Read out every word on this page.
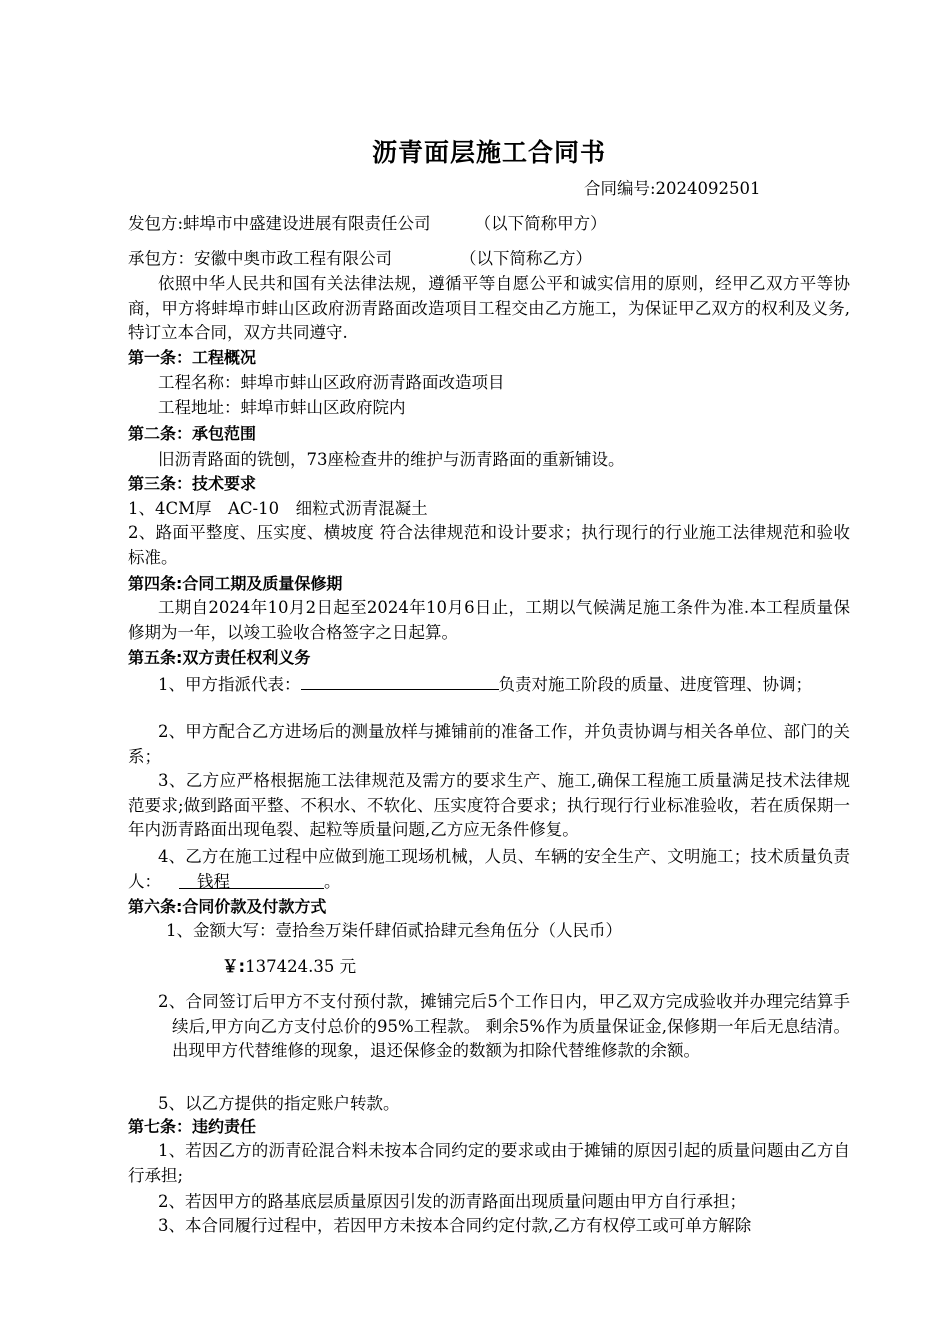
沥青面层施工合同书
合同编号:2024092501
发包方:蚌埠市中盛建设进展有限责任公司	（以下简称甲方）
承包方：安徽中奥市政工程有限公司	（以下简称乙方）
依照中华人民共和国有关法律法规，遵循平等自愿公平和诚实信用的原则，经甲乙双方平等协商，甲方将蚌埠市蚌山区政府沥青路面改造项目工程交由乙方施工，为保证甲乙双方的权利及义务,特订立本合同，双方共同遵守.
第一条：工程概况
工程名称：蚌埠市蚌山区政府沥青路面改造项目
工程地址：蚌埠市蚌山区政府院内
第二条：承包范围
旧沥青路面的铣刨，73座检查井的维护与沥青路面的重新铺设。
第三条：技术要求
1、4CM厚　AC-10　细粒式沥青混凝土
2、路面平整度、压实度、横坡度 符合法律规范和设计要求；执行现行的行业施工法律规范和验收标准。
第四条:合同工期及质量保修期
工期自2024年10月2日起至2024年10月6日止，工期以气候满足施工条件为准.本工程质量保修期为一年，以竣工验收合格签字之日起算。
第五条:双方责任权利义务
1、甲方指派代表：	负责对施工阶段的质量、进度管理、协调；
2、甲方配合乙方进场后的测量放样与摊铺前的准备工作，并负责协调与相关各单位、部门的关系；
3、乙方应严格根据施工法律规范及需方的要求生产、施工,确保工程施工质量满足技术法律规范要求;做到路面平整、不积水、不软化、压实度符合要求；执行现行行业标准验收，若在质保期一年内沥青路面出现龟裂、起粒等质量问题,乙方应无条件修复。
4、乙方在施工过程中应做到施工现场机械，人员、车辆的安全生产、文明施工；技术质量负责人： 钱程	。
第六条:合同价款及付款方式
1、金额大写：壹拾叁万柒仟肆佰贰拾肆元叁角伍分（人民币）
￥:137424.35 元
2、合同签订后甲方不支付预付款，摊铺完后5个工作日内，甲乙双方完成验收并办理完结算手续后,甲方向乙方支付总价的95%工程款。 剩余5%作为质量保证金,保修期一年后无息结清。出现甲方代替维修的现象，退还保修金的数额为扣除代替维修款的余额。
5、以乙方提供的指定账户转款。
第七条：违约责任
1、若因乙方的沥青砼混合料未按本合同约定的要求或由于摊铺的原因引起的质量问题由乙方自行承担;
2、若因甲方的路基底层质量原因引发的沥青路面出现质量问题由甲方自行承担；
3、本合同履行过程中，若因甲方未按本合同约定付款,乙方有权停工或可单方解除
